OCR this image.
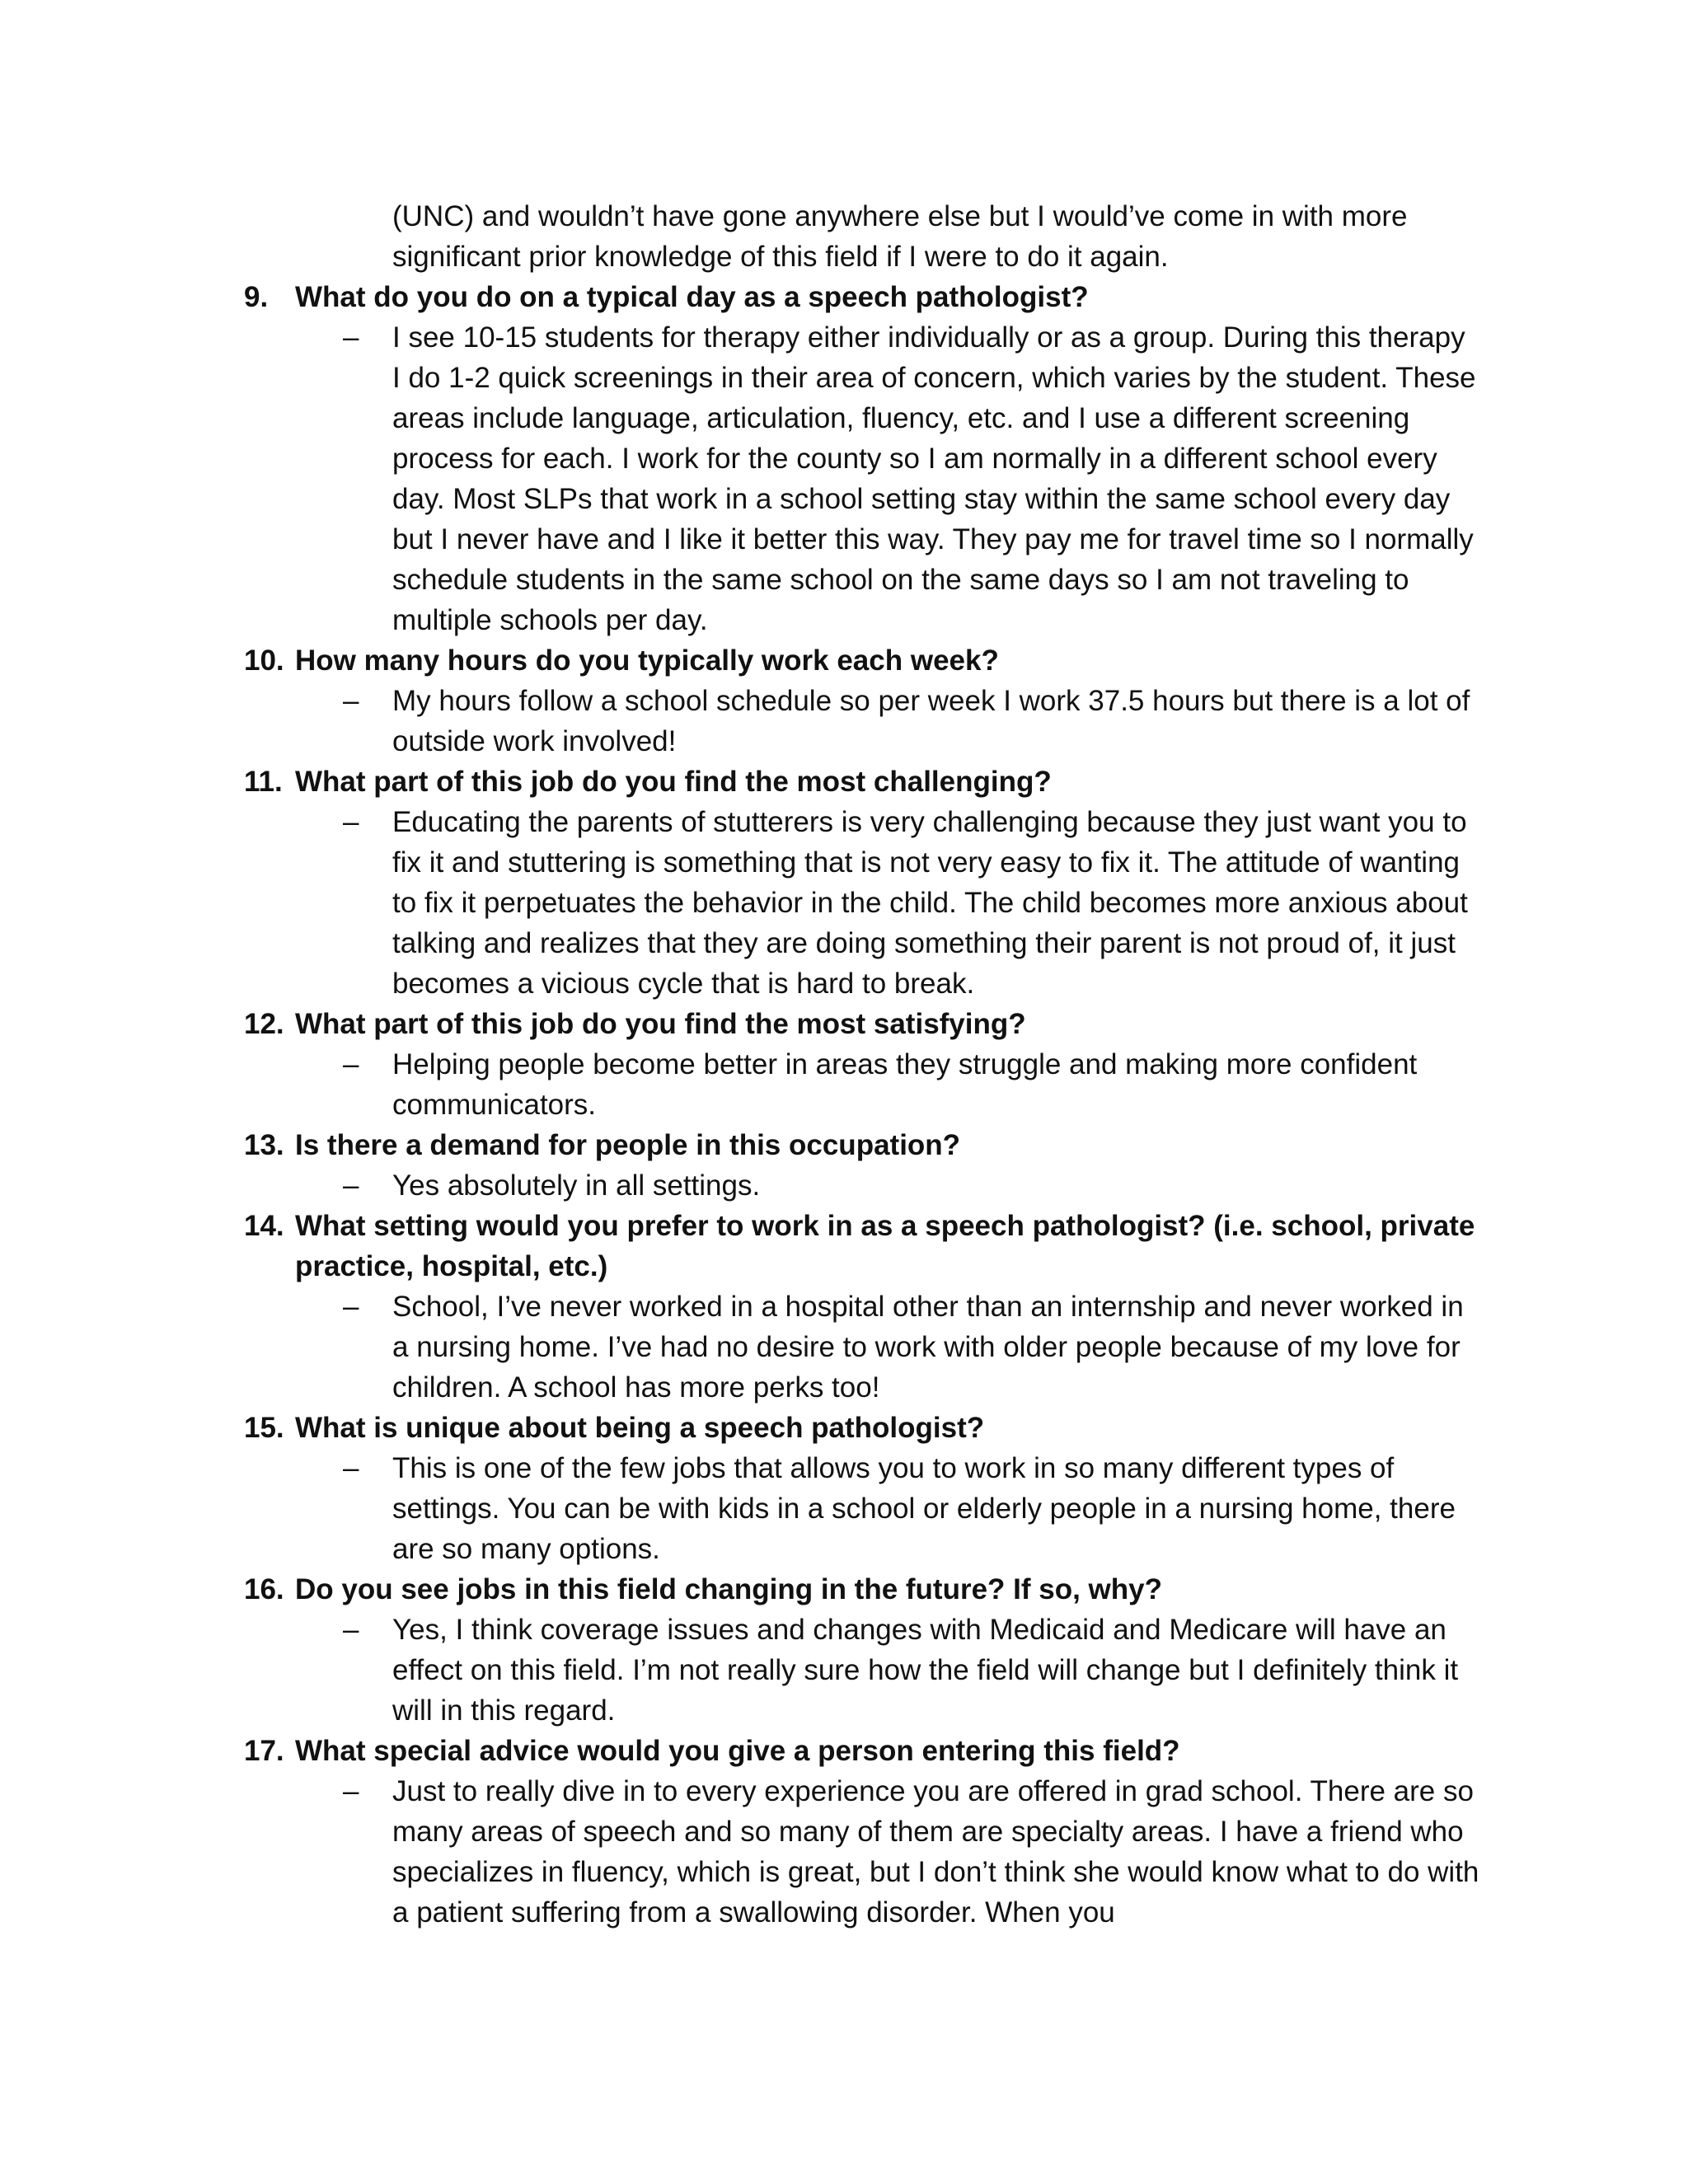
(UNC) and wouldn’t have gone anywhere else but I would’ve come in with more significant prior knowledge of this field if I were to do it again.
9. What do you do on a typical day as a speech pathologist?
–	I see 10-15 students for therapy either individually or as a group. During this therapy I do 1-2 quick screenings in their area of concern, which varies by the student. These areas include language, articulation, fluency, etc. and I use a different screening process for each. I work for the county so I am normally in a different school every day. Most SLPs that work in a school setting stay within the same school every day but I never have and I like it better this way. They pay me for travel time so I normally schedule students in the same school on the same days so I am not traveling to multiple schools per day.
10. How many hours do you typically work each week?
–	My hours follow a school schedule so per week I work 37.5 hours but there is a lot of outside work involved!
11. What part of this job do you find the most challenging?
–	Educating the parents of stutterers is very challenging because they just want you to fix it and stuttering is something that is not very easy to fix it. The attitude of wanting to fix it perpetuates the behavior in the child. The child becomes more anxious about talking and realizes that they are doing something their parent is not proud of, it just becomes a vicious cycle that is hard to break.
12. What part of this job do you find the most satisfying?
–	Helping people become better in areas they struggle and making more confident communicators.
13. Is there a demand for people in this occupation?
–	Yes absolutely in all settings.
14. What setting would you prefer to work in as a speech pathologist? (i.e. school, private practice, hospital, etc.)
–	School, I’ve never worked in a hospital other than an internship and never worked in a nursing home. I’ve had no desire to work with older people because of my love for children. A school has more perks too!
15. What is unique about being a speech pathologist?
–	This is one of the few jobs that allows you to work in so many different types of settings. You can be with kids in a school or elderly people in a nursing home, there are so many options.
16. Do you see jobs in this field changing in the future? If so, why?
–	Yes, I think coverage issues and changes with Medicaid and Medicare will have an effect on this field. I’m not really sure how the field will change but I definitely think it will in this regard.
17. What special advice would you give a person entering this field?
–	Just to really dive in to every experience you are offered in grad school. There are so many areas of speech and so many of them are specialty areas. I have a friend who specializes in fluency, which is great, but I don’t think she would know what to do with a patient suffering from a swallowing disorder. When you
